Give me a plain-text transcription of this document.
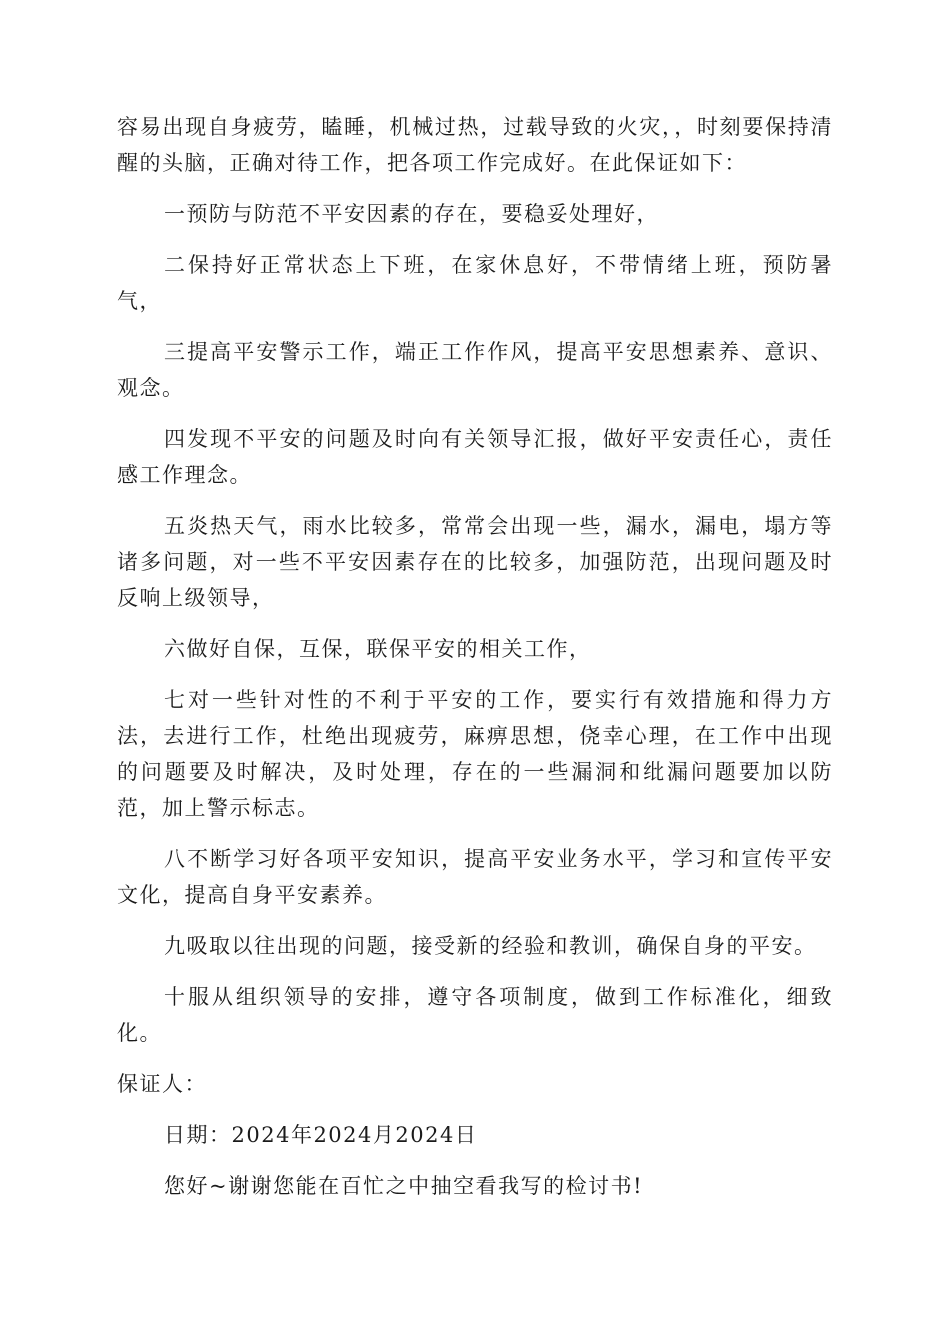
容易出现自身疲劳，瞌睡，机械过热，过载导致的火灾，，时刻要保持清醒的头脑，正确对待工作，把各项工作完成好。在此保证如下：

一预防与防范不平安因素的存在，要稳妥处理好，

二保持好正常状态上下班，在家休息好，不带情绪上班，预防暑气，

三提高平安警示工作，端正工作作风，提高平安思想素养、意识、观念。

四发现不平安的问题及时向有关领导汇报，做好平安责任心，责任感工作理念。

五炎热天气，雨水比较多，常常会出现一些，漏水，漏电，塌方等诸多问题，对一些不平安因素存在的比较多，加强防范，出现问题及时反响上级领导，

六做好自保，互保，联保平安的相关工作，

七对一些针对性的不利于平安的工作，要实行有效措施和得力方法，去进行工作，杜绝出现疲劳，麻痹思想，侥幸心理，在工作中出现的问题要及时解决，及时处理，存在的一些漏洞和纰漏问题要加以防范，加上警示标志。

八不断学习好各项平安知识，提高平安业务水平，学习和宣传平安文化，提高自身平安素养。

九吸取以往出现的问题，接受新的经验和教训，确保自身的平安。

十服从组织领导的安排，遵守各项制度，做到工作标准化，细致化。

保证人：

日期：2024年2024月2024日

您好~谢谢您能在百忙之中抽空看我写的检讨书!
